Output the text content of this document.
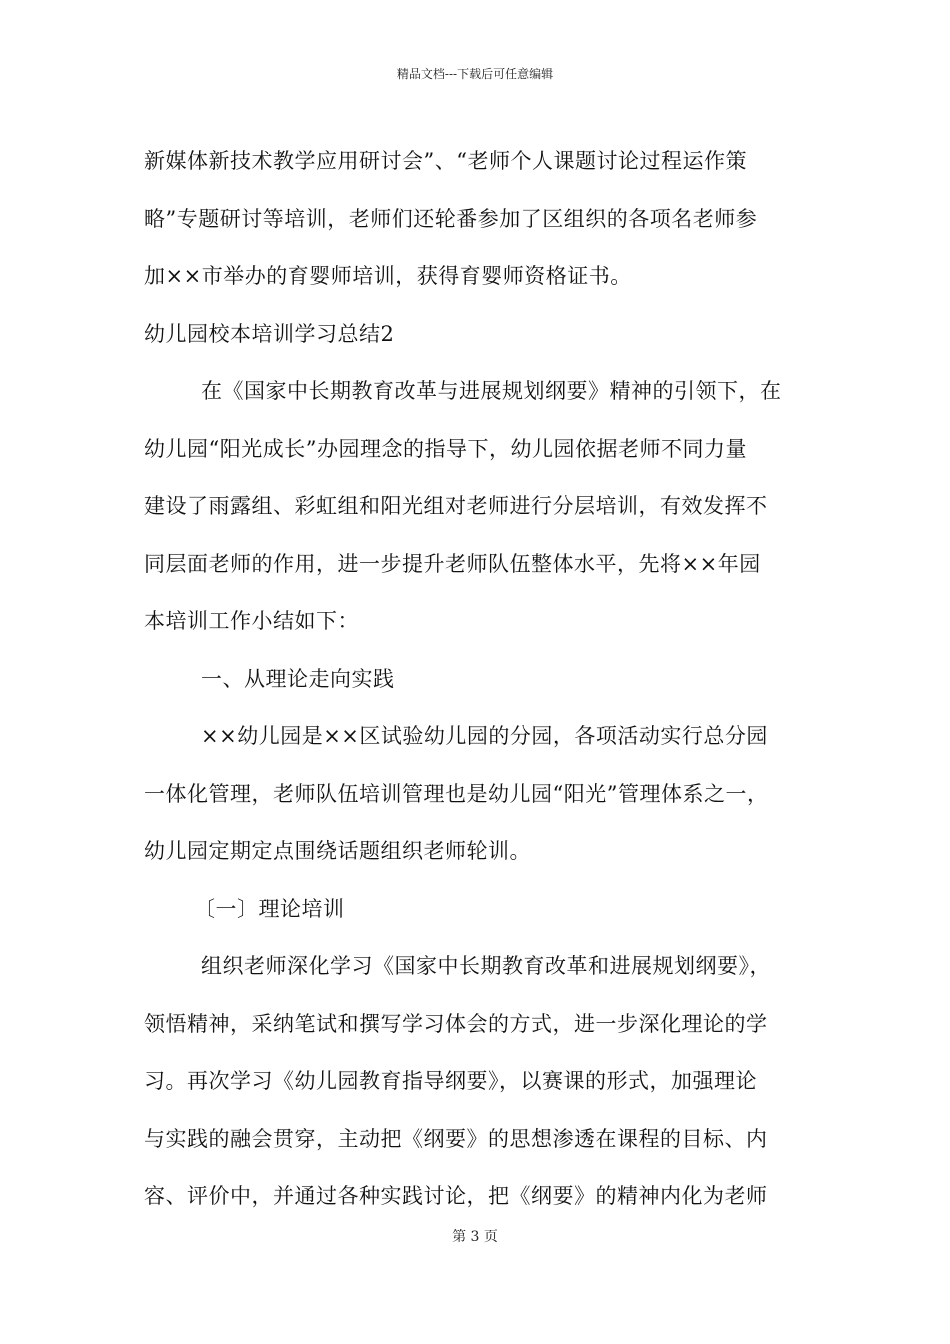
精品文档---下载后可任意编辑

新媒体新技术教学应用研讨会”、“老师个人课题讨论过程运作策

略”专题研讨等培训，老师们还轮番参加了区组织的各项名老师参

加××市举办的育婴师培训，获得育婴师资格证书。

幼儿园校本培训学习总结2

在《国家中长期教育改革与进展规划纲要》精神的引领下，在

幼儿园“阳光成长”办园理念的指导下，幼儿园依据老师不同力量

建设了雨露组、彩虹组和阳光组对老师进行分层培训，有效发挥不

同层面老师的作用，进一步提升老师队伍整体水平，先将××年园

本培训工作小结如下：

一、从理论走向实践

××幼儿园是××区试验幼儿园的分园，各项活动实行总分园

一体化管理，老师队伍培训管理也是幼儿园“阳光”管理体系之一，

幼儿园定期定点围绕话题组织老师轮训。

〔一〕理论培训

组织老师深化学习《国家中长期教育改革和进展规划纲要》，

领悟精神，采纳笔试和撰写学习体会的方式，进一步深化理论的学

习。再次学习《幼儿园教育指导纲要》，以赛课的形式，加强理论

与实践的融会贯穿，主动把《纲要》的思想渗透在课程的目标、内

容、评价中，并通过各种实践讨论，把《纲要》的精神内化为老师

第 3 页
